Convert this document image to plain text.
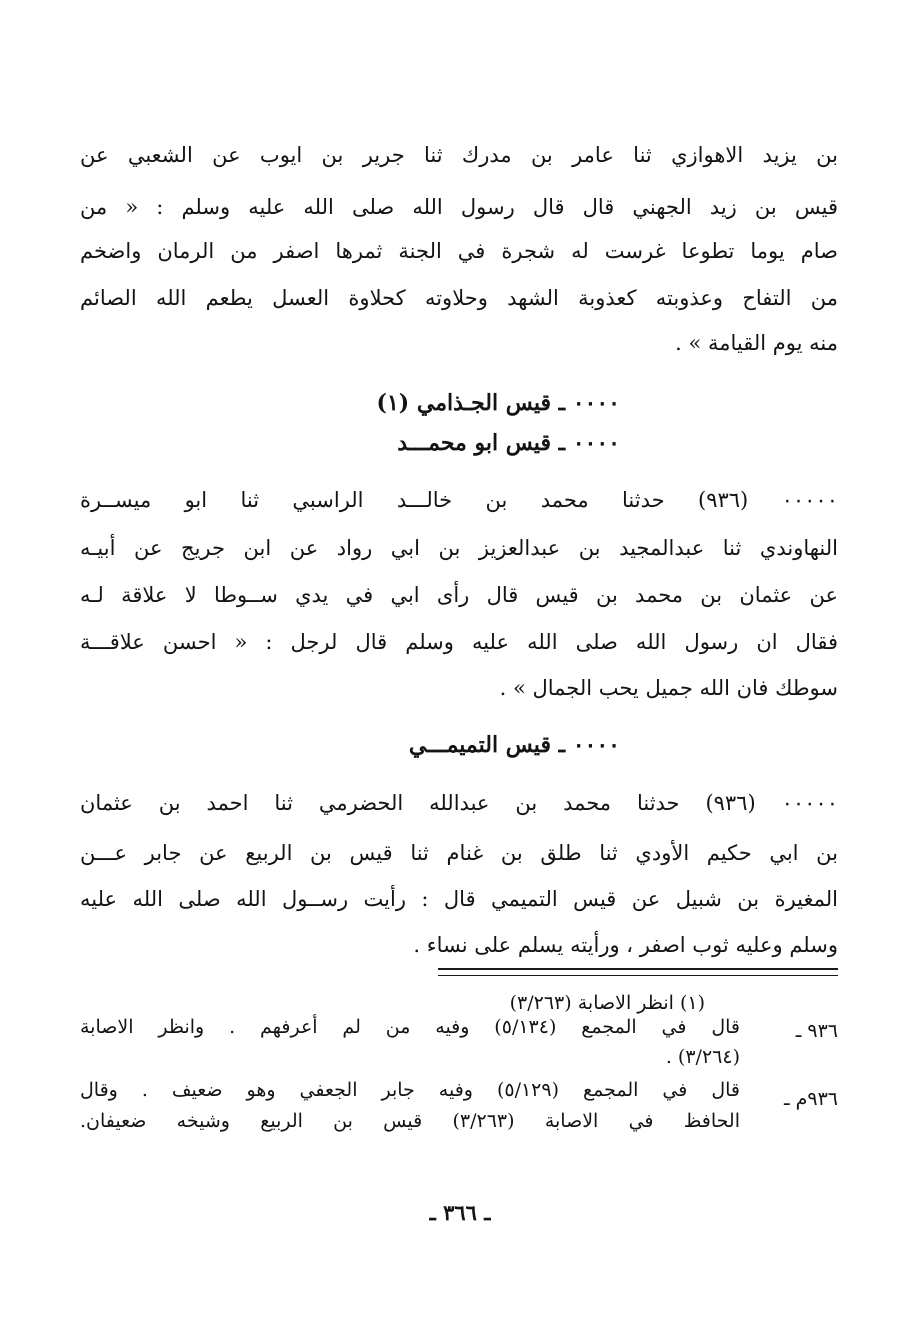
بن يزيد الاهوازي ثنا عامر بن مدرك ثنا جرير بن ايوب عن الشعبي عن
قيس بن زيد الجهني قال قال رسول الله صلى الله عليه وسلم : « من
صام يوما تطوعا غرست له شجرة في الجنة ثمرها اصفر من الرمان واضخم
من التفاح وعذوبته كعذوبة الشهد وحلاوته كحلاوة العسل يطعم الله الصائم
منه يوم القيامة » .
٠٠٠٠ ـ قيس الجـذامي (١)
٠٠٠٠ ـ قيس ابو محمـــد
٠٠٠٠٠ (٩٣٦) حدثنا محمد بن خالـــد الراسبي ثنا ابو ميســرة
النهاوندي ثنا عبدالمجيد بن عبدالعزيز بن ابي رواد عن ابن جريج عن أبيـه
عن عثمان بن محمد بن قيس قال رأى ابي في يدي ســوطا لا علاقة لـه
فقال ان رسول الله صلى الله عليه وسلم قال لرجل : « احسن علاقـــة
سوطك فان الله جميل يحب الجمال » .
٠٠٠٠ ـ قيس التميمـــي
٠٠٠٠٠ (٩٣٦) حدثنا محمد بن عبدالله الحضرمي ثنا احمد بن عثمان
بن ابي حكيم الأودي ثنا طلق بن غنام ثنا قيس بن الربيع عن جابر عـــن
المغيرة بن شبيل عن قيس التميمي قال : رأيت رســول الله صلى الله عليه
وسلم وعليه ثوب اصفر ، ورأيته يسلم على نساء .
(١) انظر الاصابة (٣/٢٦٣)
٩٣٦ ـ
قال في المجمع (٥/١٣٤) وفيه من لم أعرفهم . وانظر الاصابة
(٣/٢٦٤) .
٩٣٦م ـ
قال في المجمع (٥/١٢٩) وفيه جابر الجعفي وهو ضعيف . وقال
الحافظ في الاصابة (٣/٢٦٣) قيس بن الربيع وشيخه ضعيفان.
ـ ٣٦٦ ـ
